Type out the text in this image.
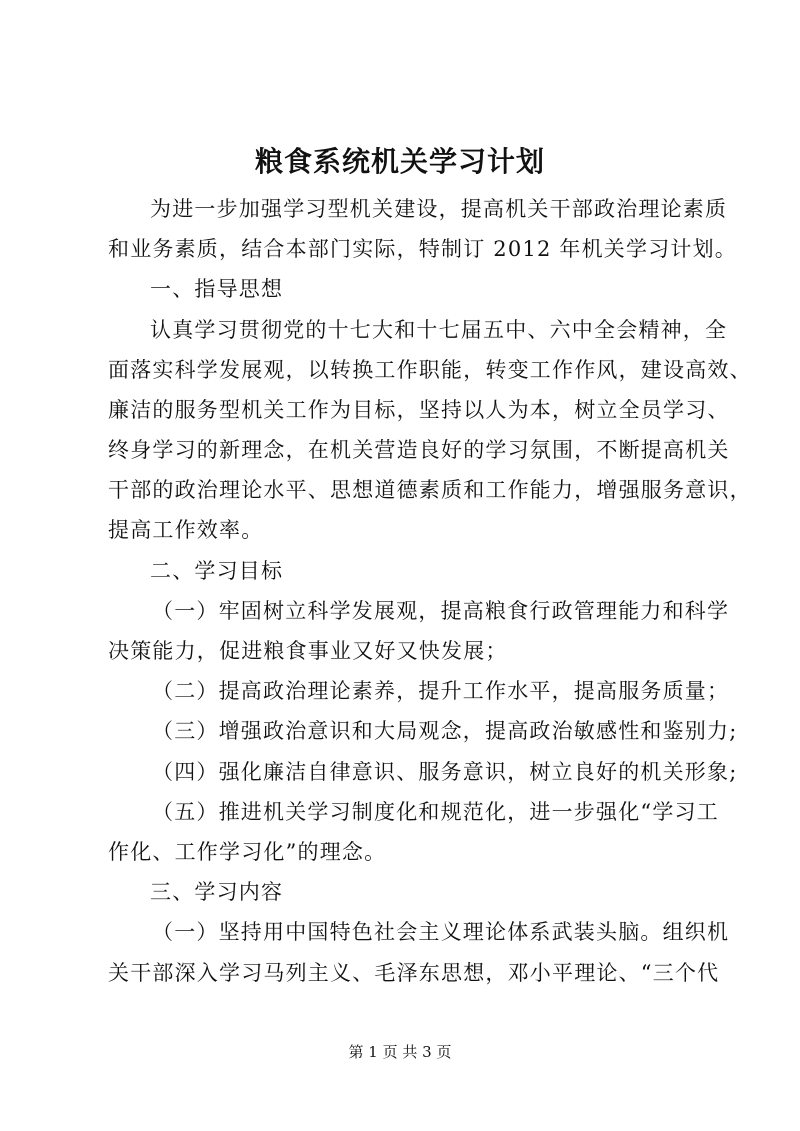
粮食系统机关学习计划
为进一步加强学习型机关建设，提高机关干部政治理论素质
和业务素质，结合本部门实际，特制订 2012 年机关学习计划。
一、指导思想
认真学习贯彻党的十七大和十七届五中、六中全会精神，全
面落实科学发展观，以转换工作职能，转变工作作风，建设高效、
廉洁的服务型机关工作为目标，坚持以人为本，树立全员学习、
终身学习的新理念，在机关营造良好的学习氛围，不断提高机关
干部的政治理论水平、思想道德素质和工作能力，增强服务意识，
提高工作效率。
二、学习目标
（一）牢固树立科学发展观，提高粮食行政管理能力和科学
决策能力，促进粮食事业又好又快发展；
（二）提高政治理论素养，提升工作水平，提高服务质量；
（三）增强政治意识和大局观念，提高政治敏感性和鉴别力;
（四）强化廉洁自律意识、服务意识，树立良好的机关形象;
（五）推进机关学习制度化和规范化，进一步强化“学习工
作化、工作学习化”的理念。
三、学习内容
（一）坚持用中国特色社会主义理论体系武装头脑。组织机
关干部深入学习马列主义、毛泽东思想，邓小平理论、“三个代
第 1 页 共 3 页
